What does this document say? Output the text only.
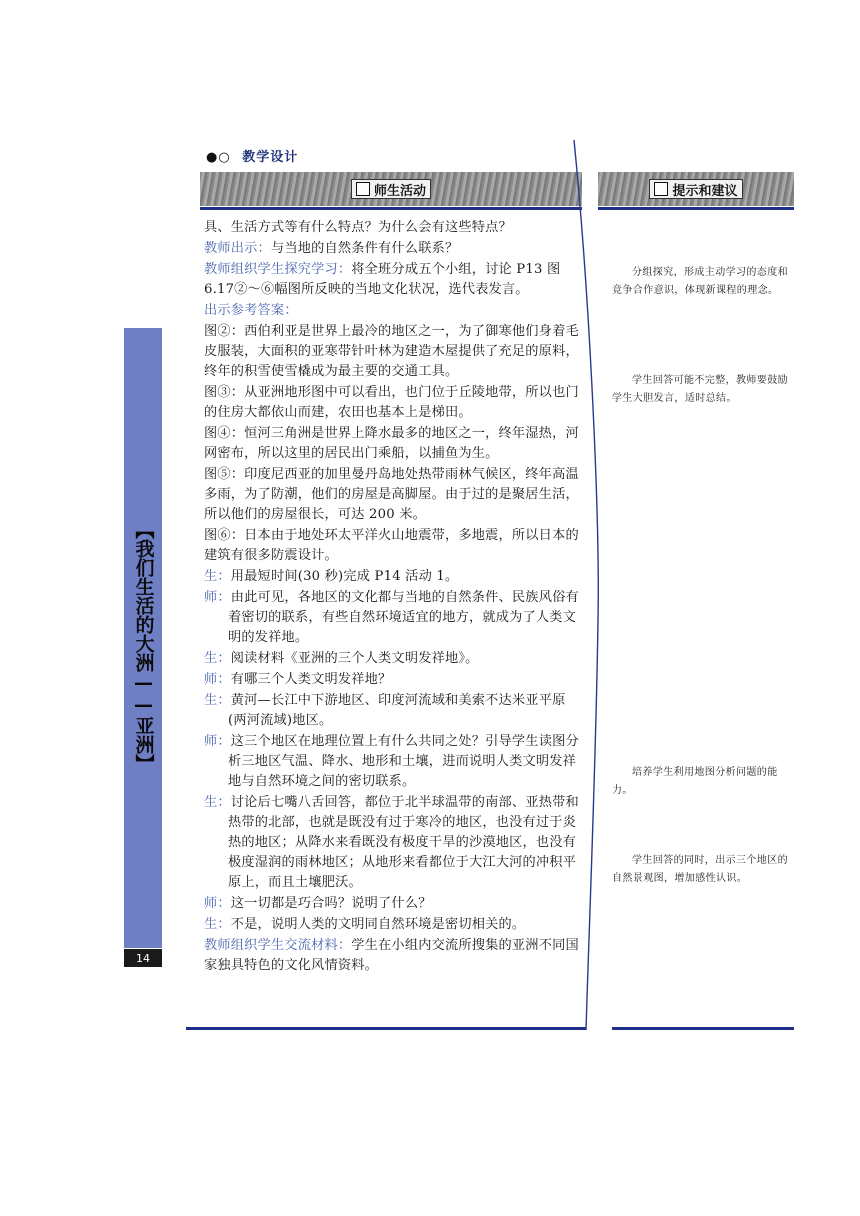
●○ 教学设计
师生活动	提示和建议
【我们生活的大洲——亚洲】
14
具、生活方式等有什么特点？为什么会有这些特点？
教师出示：与当地的自然条件有什么联系？
教师组织学生探究学习：将全班分成五个小组，讨论 P13 图 6.17②～⑥幅图所反映的当地文化状况，选代表发言。
出示参考答案：
图②：西伯利亚是世界上最冷的地区之一，为了御寒他们身着毛皮服装，大面积的亚寒带针叶林为建造木屋提供了充足的原料，终年的积雪使雪橇成为最主要的交通工具。
图③：从亚洲地形图中可以看出，也门位于丘陵地带，所以也门的住房大都依山而建，农田也基本上是梯田。
图④：恒河三角洲是世界上降水最多的地区之一，终年湿热，河网密布，所以这里的居民出门乘船，以捕鱼为生。
图⑤：印度尼西亚的加里曼丹岛地处热带雨林气候区，终年高温多雨，为了防潮，他们的房屋是高脚屋。由于过的是聚居生活，所以他们的房屋很长，可达 200 米。
图⑥：日本由于地处环太平洋火山地震带，多地震，所以日本的建筑有很多防震设计。
生：用最短时间(30 秒)完成 P14 活动 1。
师：由此可见，各地区的文化都与当地的自然条件、民族风俗有着密切的联系，有些自然环境适宜的地方，就成为了人类文明的发祥地。
生：阅读材料《亚洲的三个人类文明发祥地》。
师：有哪三个人类文明发祥地？
生：黄河—长江中下游地区、印度河流域和美索不达米亚平原(两河流域)地区。
师：这三个地区在地理位置上有什么共同之处？引导学生读图分析三地区气温、降水、地形和土壤，进而说明人类文明发祥地与自然环境之间的密切联系。
生：讨论后七嘴八舌回答，都位于北半球温带的南部、亚热带和热带的北部，也就是既没有过于寒冷的地区，也没有过于炎热的地区；从降水来看既没有极度干旱的沙漠地区，也没有极度湿润的雨林地区；从地形来看都位于大江大河的冲积平原上，而且土壤肥沃。
师：这一切都是巧合吗？说明了什么？
生：不是，说明人类的文明同自然环境是密切相关的。
教师组织学生交流材料：学生在小组内交流所搜集的亚洲不同国家独具特色的文化风情资料。
分组探究，形成主动学习的态度和竞争合作意识，体现新课程的理念。
学生回答可能不完整，教师要鼓励学生大胆发言，适时总结。
培养学生利用地图分析问题的能力。
学生回答的同时，出示三个地区的自然景观图，增加感性认识。
